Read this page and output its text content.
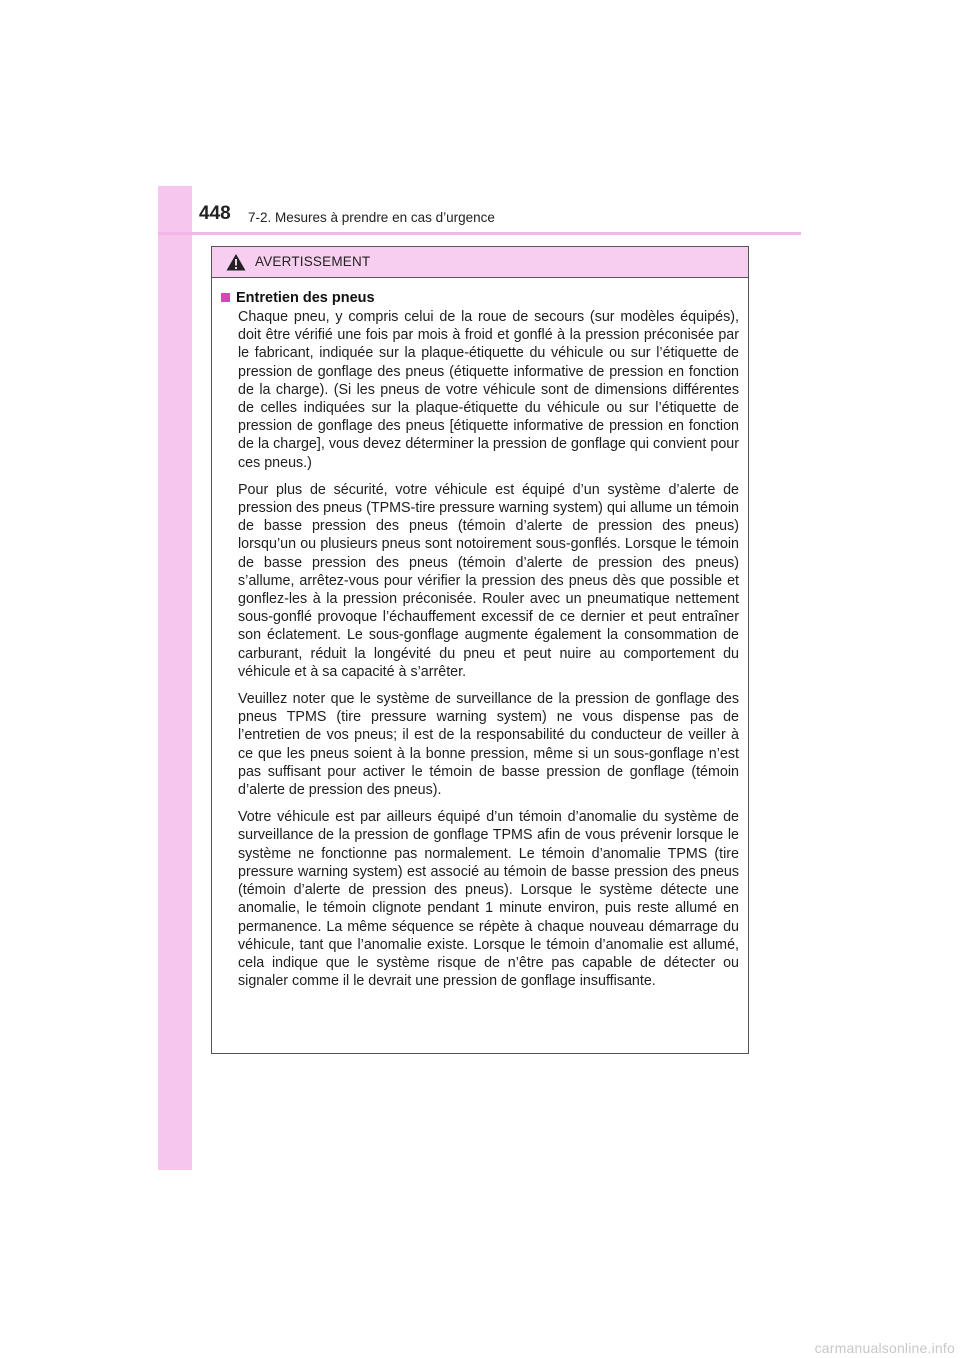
448 7-2. Mesures à prendre en cas d’urgence
AVERTISSEMENT
Entretien des pneus

Chaque pneu, y compris celui de la roue de secours (sur modèles équipés), doit être vérifié une fois par mois à froid et gonflé à la pression préconisée par le fabricant, indiquée sur la plaque-étiquette du véhicule ou sur l’étiquette de pression de gonflage des pneus (étiquette informative de pression en fonction de la charge). (Si les pneus de votre véhicule sont de dimensions différentes de celles indiquées sur la plaque-étiquette du véhicule ou sur l’étiquette de pression de gonflage des pneus [étiquette informative de pression en fonction de la charge], vous devez déterminer la pression de gonflage qui convient pour ces pneus.)

Pour plus de sécurité, votre véhicule est équipé d’un système d’alerte de pression des pneus (TPMS-tire pressure warning system) qui allume un témoin de basse pression des pneus (témoin d’alerte de pression des pneus) lorsqu’un ou plusieurs pneus sont notoirement sous-gonflés. Lorsque le témoin de basse pression des pneus (témoin d’alerte de pression des pneus) s’allume, arrêtez-vous pour vérifier la pression des pneus dès que possible et gonflez-les à la pression préconisée. Rouler avec un pneumatique nettement sous-gonflé provoque l’échauffement excessif de ce dernier et peut entraîner son éclatement. Le sous-gonflage augmente également la consommation de carburant, réduit la longévité du pneu et peut nuire au comportement du véhicule et à sa capacité à s’arrêter.

Veuillez noter que le système de surveillance de la pression de gonflage des pneus TPMS (tire pressure warning system) ne vous dispense pas de l’entretien de vos pneus; il est de la responsabilité du conducteur de veiller à ce que les pneus soient à la bonne pression, même si un sous-gonflage n’est pas suffisant pour activer le témoin de basse pression de gonflage (témoin d’alerte de pression des pneus).

Votre véhicule est par ailleurs équipé d’un témoin d’anomalie du système de surveillance de la pression de gonflage TPMS afin de vous prévenir lorsque le système ne fonctionne pas normalement. Le témoin d’anomalie TPMS (tire pressure warning system) est associé au témoin de basse pression des pneus (témoin d’alerte de pression des pneus). Lorsque le système détecte une anomalie, le témoin clignote pendant 1 minute environ, puis reste allumé en permanence. La même séquence se répète à chaque nouveau démarrage du véhicule, tant que l’anomalie existe. Lorsque le témoin d’anomalie est allumé, cela indique que le système risque de n’être pas capable de détecter ou signaler comme il le devrait une pression de gonflage insuffisante.

carmanualsonline.info
